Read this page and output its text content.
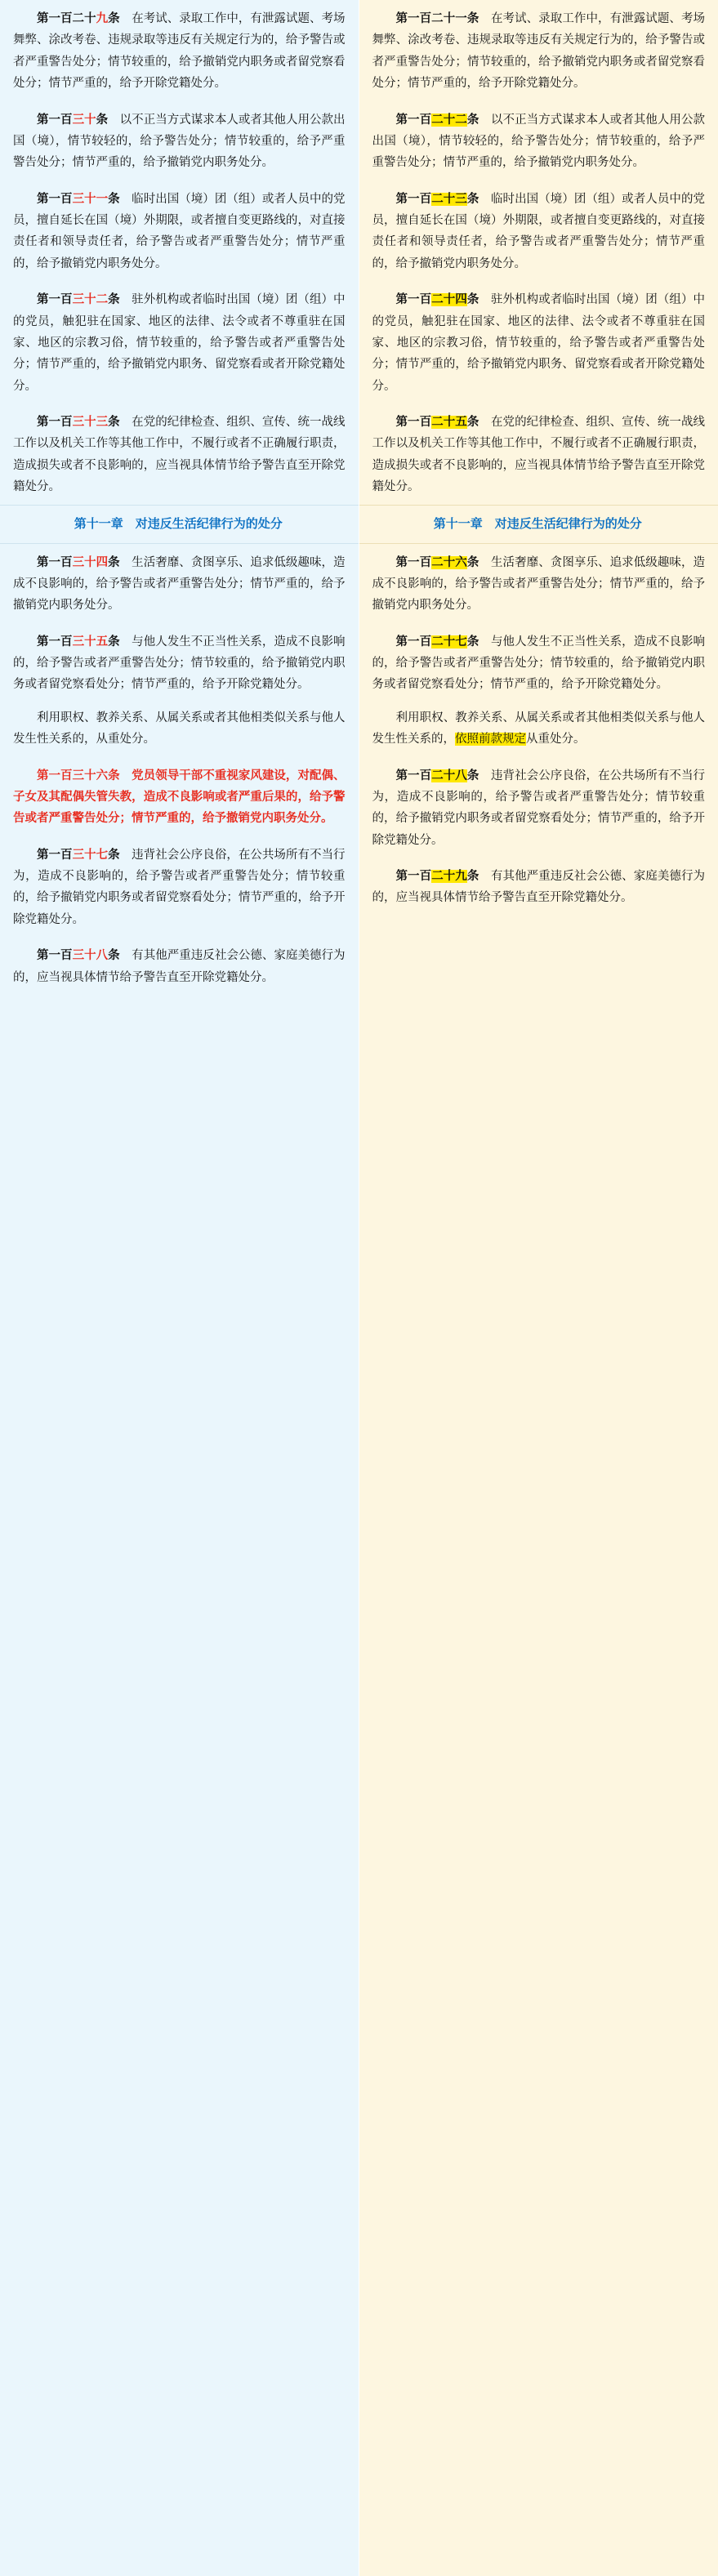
第一百二十九条　在考试、录取工作中，有泄露试题、考场舞弊、涂改考卷、违规录取等违反有关规定行为的，给予警告或者严重警告处分；情节较重的，给予撤销党内职务或者留党察看处分；情节严重的，给予开除党籍处分。

第一百三十条　以不正当方式谋求本人或者其他人用公款出国（境），情节较轻的，给予警告处分；情节较重的，给予严重警告处分；情节严重的，给予撤销党内职务处分。

第一百三十一条　临时出国（境）团（组）或者人员中的党员，擅自延长在国（境）外期限，或者擅自变更路线的，对直接责任者和领导责任者，给予警告或者严重警告处分；情节严重的，给予撤销党内职务处分。

第一百三十二条　驻外机构或者临时出国（境）团（组）中的党员，触犯驻在国家、地区的法律、法令或者不尊重驻在国家、地区的宗教习俗，情节较重的，给予警告或者严重警告处分；情节严重的，给予撤销党内职务、留党察看或者开除党籍处分。

第一百三十三条　在党的纪律检查、组织、宣传、统一战线工作以及机关工作等其他工作中，不履行或者不正确履行职责，造成损失或者不良影响的，应当视具体情节给予警告直至开除党籍处分。

第十一章　对违反生活纪律行为的处分

第一百三十四条　生活奢靡、贪图享乐、追求低级趣味，造成不良影响的，给予警告或者严重警告处分；情节严重的，给予撤销党内职务处分。

第一百三十五条　与他人发生不正当性关系，造成不良影响的，给予警告或者严重警告处分；情节较重的，给予撤销党内职务或者留党察看处分；情节严重的，给予开除党籍处分。

利用职权、教养关系、从属关系或者其他相类似关系与他人发生性关系的，从重处分。

第一百三十六条　党员领导干部不重视家风建设，对配偶、子女及其配偶失管失教，造成不良影响或者严重后果的，给予警告或者严重警告处分；情节严重的，给予撤销党内职务处分。

第一百三十七条　违背社会公序良俗，在公共场所有不当行为，造成不良影响的，给予警告或者严重警告处分；情节较重的，给予撤销党内职务或者留党察看处分；情节严重的，给予开除党籍处分。

第一百三十八条　有其他严重违反社会公德、家庭美德行为的，应当视具体情节给予警告直至开除党籍处分。

第一百二十一条　在考试、录取工作中，有泄露试题、考场舞弊、涂改考卷、违规录取等违反有关规定行为的，给予警告或者严重警告处分；情节较重的，给予撤销党内职务或者留党察看处分；情节严重的，给予开除党籍处分。

第一百二十二条　以不正当方式谋求本人或者其他人用公款出国（境），情节较轻的，给予警告处分；情节较重的，给予严重警告处分；情节严重的，给予撤销党内职务处分。

第一百二十三条　临时出国（境）团（组）或者人员中的党员，擅自延长在国（境）外期限，或者擅自变更路线的，对直接责任者和领导责任者，给予警告或者严重警告处分；情节严重的，给予撤销党内职务处分。

第一百二十四条　驻外机构或者临时出国（境）团（组）中的党员，触犯驻在国家、地区的法律、法令或者不尊重驻在国家、地区的宗教习俗，情节较重的，给予警告或者严重警告处分；情节严重的，给予撤销党内职务、留党察看或者开除党籍处分。

第一百二十五条　在党的纪律检查、组织、宣传、统一战线工作以及机关工作等其他工作中，不履行或者不正确履行职责，造成损失或者不良影响的，应当视具体情节给予警告直至开除党籍处分。

第十一章　对违反生活纪律行为的处分

第一百二十六条　生活奢靡、贪图享乐、追求低级趣味，造成不良影响的，给予警告或者严重警告处分；情节严重的，给予撤销党内职务处分。

第一百二十七条　与他人发生不正当性关系，造成不良影响的，给予警告或者严重警告处分；情节较重的，给予撤销党内职务或者留党察看处分；情节严重的，给予开除党籍处分。

利用职权、教养关系、从属关系或者其他相类似关系与他人发生性关系的，依照前款规定从重处分。

第一百二十八条　违背社会公序良俗，在公共场所有不当行为，造成不良影响的，给予警告或者严重警告处分；情节较重的，给予撤销党内职务或者留党察看处分；情节严重的，给予开除党籍处分。

第一百二十九条　有其他严重违反社会公德、家庭美德行为的，应当视具体情节给予警告直至开除党籍处分。
